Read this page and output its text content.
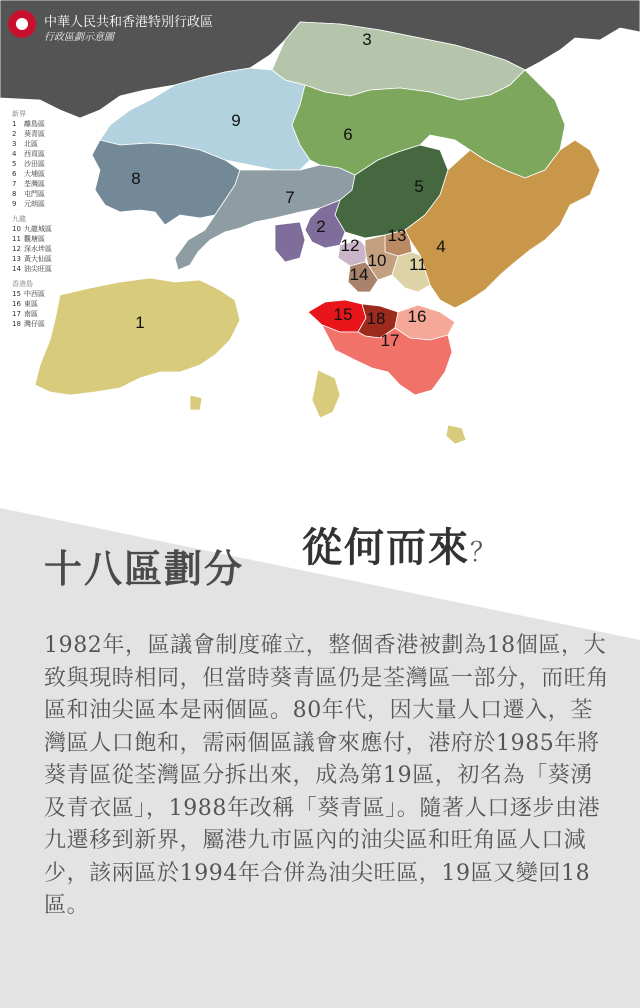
1
2
3
4
5
6
7
8
9
10 11
12
13
14
15	16
17
18
中華人民共和香港特別行政區
行政區劃示意圖
新界
1 離島區
2 葵青區
3 北區
4 西貢區
5 沙田區
6 大埔區
7 荃灣區
8 屯門區
9 元朗區
九龍
10 九龍城區
11 觀塘區
12 深水埗區
13 黃大仙區
14 油尖旺區
香港島
15 中西區
16 東區
17 南區
18 灣仔區
十八區劃分 從何而來？
1982年，區議會制度確立，整個香港被劃為18個區，大致與現時相同，但當時葵青區仍是荃灣區一部分，而旺角區和油尖區本是兩個區。80年代，因大量人口遷入，荃灣區人口飽和，需兩個區議會來應付，港府於1985年將葵青區從荃灣區分拆出來，成為第19區，初名為「葵湧及青衣區」，1988年改稱「葵青區」。隨著人口逐步由港九遷移到新界，屬港九市區內的油尖區和旺角區人口減少，該兩區於1994年合併為油尖旺區，19區又變回18區。
